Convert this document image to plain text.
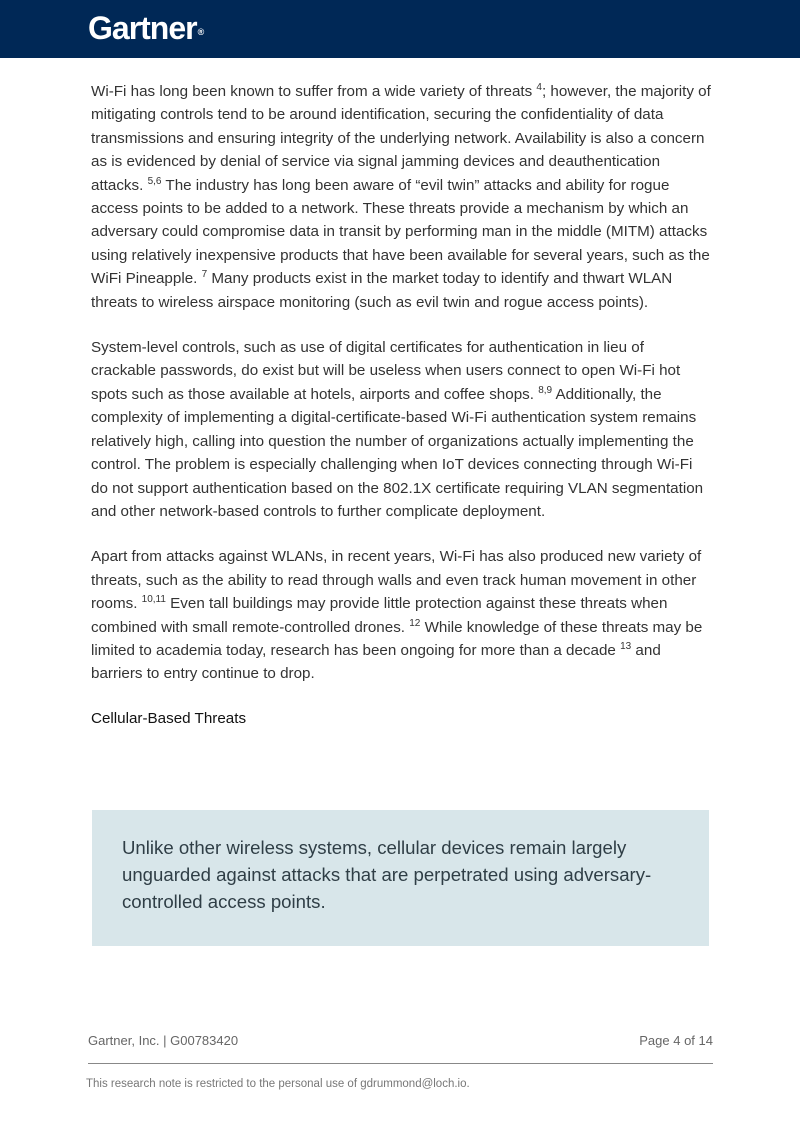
Gartner®

Wi-Fi has long been known to suffer from a wide variety of threats $^4$; however, the majority of mitigating controls tend to be around identification, securing the confidentiality of data transmissions and ensuring integrity of the underlying network. Availability is also a concern as is evidenced by denial of service via signal jamming devices and deauthentication attacks. $^{5,6}$ The industry has long been aware of “evil twin” attacks and ability for rogue access points to be added to a network. These threats provide a mechanism by which an adversary could compromise data in transit by performing man in the middle (MITM) attacks using relatively inexpensive products that have been available for several years, such as the WiFi Pineapple. $^7$ Many products exist in the market today to identify and thwart WLAN threats to wireless airspace monitoring (such as evil twin and rogue access points).

System-level controls, such as use of digital certificates for authentication in lieu of crackable passwords, do exist but will be useless when users connect to open Wi-Fi hot spots such as those available at hotels, airports and coffee shops. $^{8,9}$ Additionally, the complexity of implementing a digital-certificate-based Wi-Fi authentication system remains relatively high, calling into question the number of organizations actually implementing the control. The problem is especially challenging when IoT devices connecting through Wi-Fi do not support authentication based on the 802.1X certificate requiring VLAN segmentation and other network-based controls to further complicate deployment.

Apart from attacks against WLANs, in recent years, Wi-Fi has also produced new variety of threats, such as the ability to read through walls and even track human movement in other rooms. $^{10,11}$ Even tall buildings may provide little protection against these threats when combined with small remote-controlled drones. $^{12}$ While knowledge of these threats may be limited to academia today, research has been ongoing for more than a decade $^{13}$ and barriers to entry continue to drop.

Cellular-Based Threats
Unlike other wireless systems, cellular devices remain largely unguarded against attacks that are perpetrated using adversary-controlled access points.
Gartner, Inc. | G00783420	Page 4 of 14
This research note is restricted to the personal use of gdrummond@loch.io.
